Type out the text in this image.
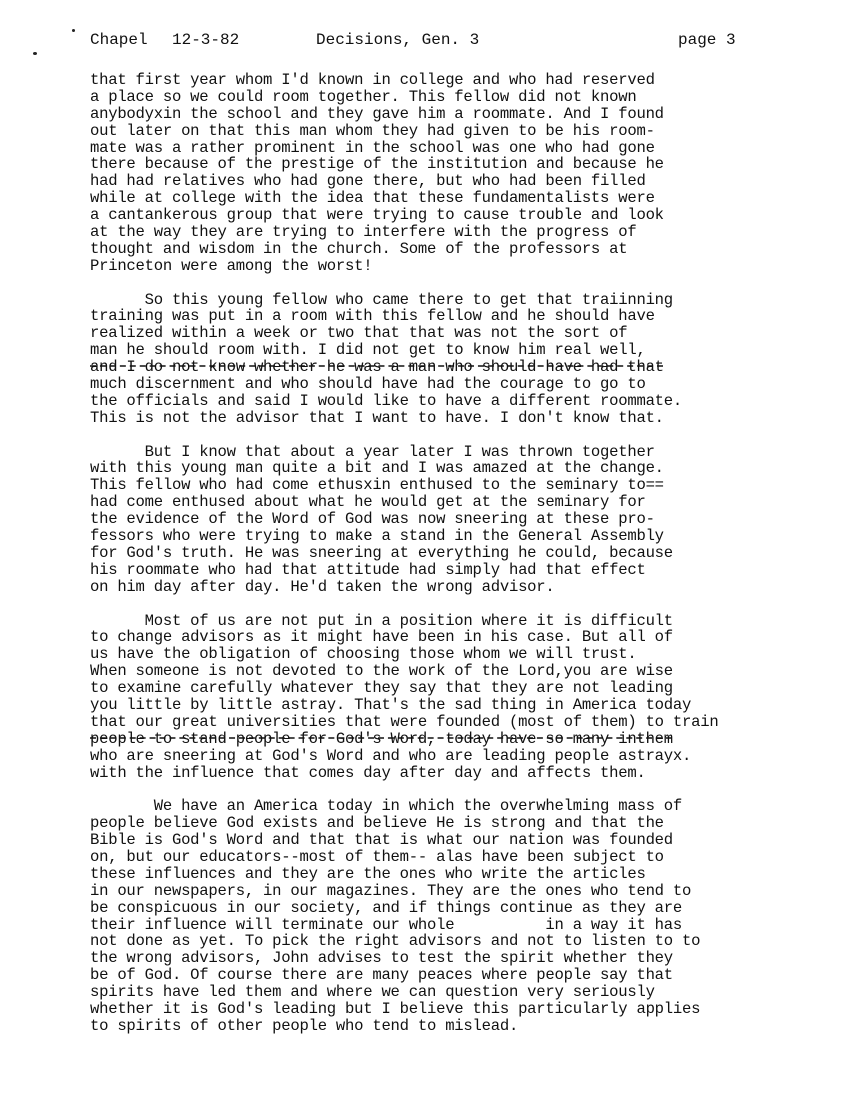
Chapel 12-3-82	Decisions, Gen. 3	page 3
that first year whom I'd known in college and who had reserved
a place so we could room together. This fellow did not known
anybodyxin the school and they gave him a roommate. And I found
out later on that this man whom they had given to be his room-
mate was a rather prominent in the school was one who had gone
there because of the prestige of the institution and because he
had had relatives who had gone there, but who had been filled
while at college with the idea that these fundamentalists were
a cantankerous group that were trying to cause trouble and look
at the way they are trying to interfere with the progress of
thought and wisdom in the church. Some of the professors at
Princeton were among the worst!
So this young fellow who came there to get that traiinning
training was put in a room with this fellow and he should have
realized within a week or two that that was not the sort of
man he should room with. I did not get to know him real well,
and I do not know whether he was a man who should have had that
much discernment and who should have had the courage to go to
the officials and said I would like to have a different roommate.
This is not the advisor that I want to have. I don't know that.
But I know that about a year later I was thrown together
with this young man quite a bit and I was amazed at the change.
This fellow who had come ethusxin enthused to the seminary to==
had come enthused about what he would get at the seminary for
the evidence of the Word of God was now sneering at these pro-
fessors who were trying to make a stand in the General Assembly
for God's truth. He was sneering at everything he could, because
his roommate who had that attitude had simply had that effect
on him day after day. He'd taken the wrong advisor.
Most of us are not put in a position where it is difficult
to change advisors as it might have been in his case. But all of
us have the obligation of choosing those whom we will trust.
When someone is not devoted to the work of the Lord,you are wise
to examine carefully whatever they say that they are not leading
you little by little astray. That's the sad thing in America today
that our great universities that were founded (most of them) to train
people to stand people for God's Word, today have so many inthem
who are sneering at God's Word and who are leading people astrayx.
with the influence that comes day after day and affects them.
We have an America today in which the overwhelming mass of
people believe God exists and believe He is strong and that the
Bible is God's Word and that that is what our nation was founded
on, but our educators--most of them-- alas have been subject to
these influences and they are the ones who write the articles
in our newspapers, in our magazines. They are the ones who tend to
be conspicuous in our society, and if things continue as they are
their influence will terminate our whole          in a way it has
not done as yet. To pick the right advisors and not to listen to to
the wrong advisors, John advises to test the spirit whether they
be of God. Of course there are many peaces where people say that
spirits have led them and where we can question very seriously
whether it is God's leading but I believe this particularly applies
to spirits of other people who tend to mislead.
